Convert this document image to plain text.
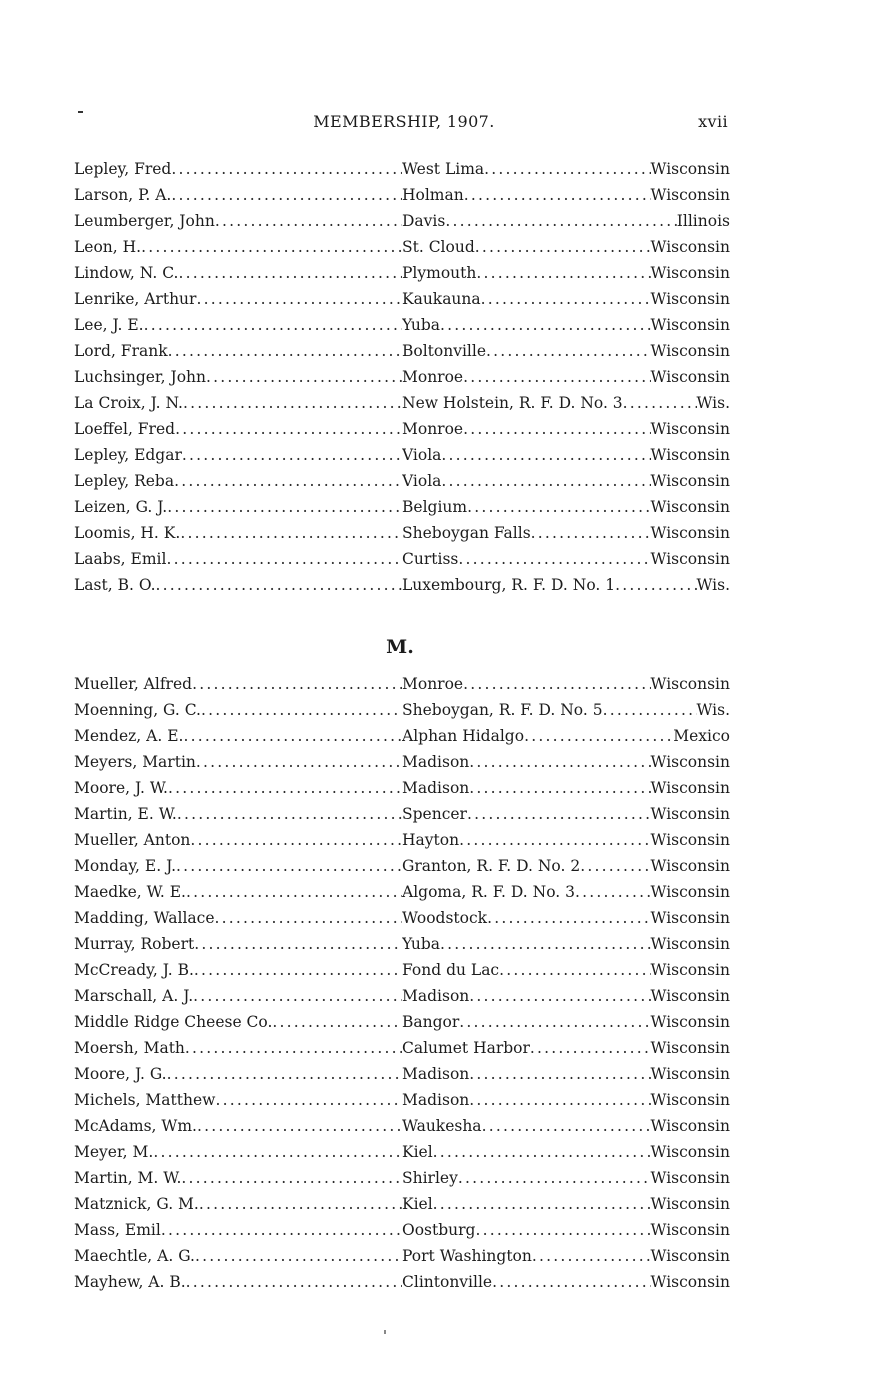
MEMBERSHIP, 1907.	xvii
Lepley, Fred .....	West Lima .....	Wisconsin
Larson, P. A. .....	Holman .....	Wisconsin
Leumberger, John .....	Davis .....	Illinois
Leon, H. .....	St. Cloud .....	Wisconsin
Lindow, N. C. .....	Plymouth .....	Wisconsin
Lenrike, Arthur .....	Kaukauna .....	Wisconsin
Lee, J. E. .....	Yuba .....	Wisconsin
Lord, Frank .....	Boltonville .....	Wisconsin
Luchsinger, John .....	Monroe .....	Wisconsin
La Croix, J. N. .....	New Holstein, R. F. D. No. 3 .....	Wis.
Loeffel, Fred .....	Monroe .....	Wisconsin
Lepley, Edgar .....	Viola .....	Wisconsin
Lepley, Reba .....	Viola .....	Wisconsin
Leizen, G. J. .....	Belgium .....	Wisconsin
Loomis, H. K. .....	Sheboygan Falls .....	Wisconsin
Laabs, Emil .....	Curtiss .....	Wisconsin
Last, B. O. .....	Luxembourg, R. F. D. No. 1 .....	Wis.
M.
Mueller, Alfred .....	Monroe .....	Wisconsin
Moenning, G. C. .....	Sheboygan, R. F. D. No. 5 .....	Wis.
Mendez, A. E. .....	Alphan Hidalgo .....	Mexico
Meyers, Martin .....	Madison .....	Wisconsin
Moore, J. W. .....	Madison .....	Wisconsin
Martin, E. W. .....	Spencer .....	Wisconsin
Mueller, Anton .....	Hayton .....	Wisconsin
Monday, E. J. .....	Granton, R. F. D. No. 2 .....	Wisconsin
Maedke, W. E. .....	Algoma, R. F. D. No. 3 .....	Wisconsin
Madding, Wallace .....	Woodstock .....	Wisconsin
Murray, Robert .....	Yuba .....	Wisconsin
McCready, J. B. .....	Fond du Lac .....	Wisconsin
Marschall, A. J. .....	Madison .....	Wisconsin
Middle Ridge Cheese Co. .....	Bangor .....	Wisconsin
Moersh, Math .....	Calumet Harbor .....	Wisconsin
Moore, J. G. .....	Madison .....	Wisconsin
Michels, Matthew .....	Madison .....	Wisconsin
McAdams, Wm. .....	Waukesha .....	Wisconsin
Meyer, M. .....	Kiel .....	Wisconsin
Martin, M. W. .....	Shirley .....	Wisconsin
Matznick, G. M. .....	Kiel .....	Wisconsin
Mass, Emil .....	Oostburg .....	Wisconsin
Maechtle, A. G. .....	Port Washington .....	Wisconsin
Mayhew, A. B. .....	Clintonville .....	Wisconsin
